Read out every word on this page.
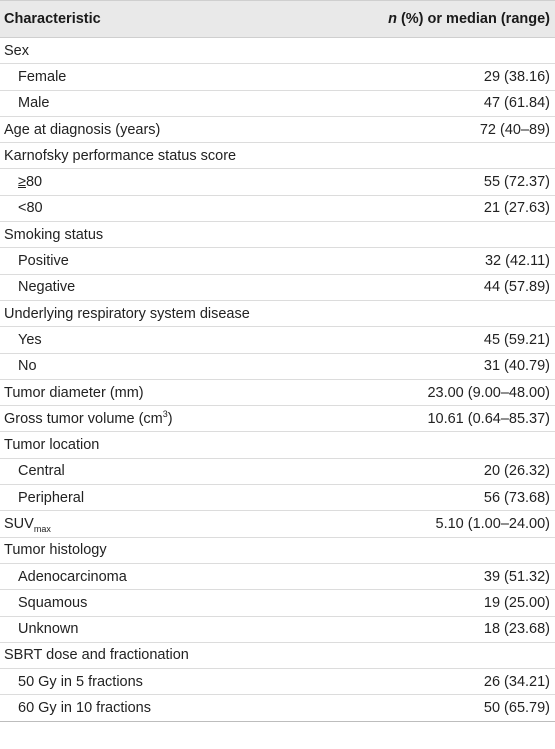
Characteristic	n (%) or median (range)
Sex
Female	29 (38.16)
Male	47 (61.84)
Age at diagnosis (years)	72 (40–89)
Karnofsky performance status score
≥80	55 (72.37)
<80	21 (27.63)
Smoking status
Positive	32 (42.11)
Negative	44 (57.89)
Underlying respiratory system disease
Yes	45 (59.21)
No	31 (40.79)
Tumor diameter (mm)	23.00 (9.00–48.00)
Gross tumor volume $(cm^3)$	10.61 (0.64–85.37)
Tumor location
Central	20 (26.32)
Peripheral	56 (73.68)
$SUV_{max}$	5.10 (1.00–24.00)
Tumor histology
Adenocarcinoma	39 (51.32)
Squamous	19 (25.00)
Unknown	18 (23.68)
SBRT dose and fractionation
50 Gy in 5 fractions	26 (34.21)
60 Gy in 10 fractions	50 (65.79)
